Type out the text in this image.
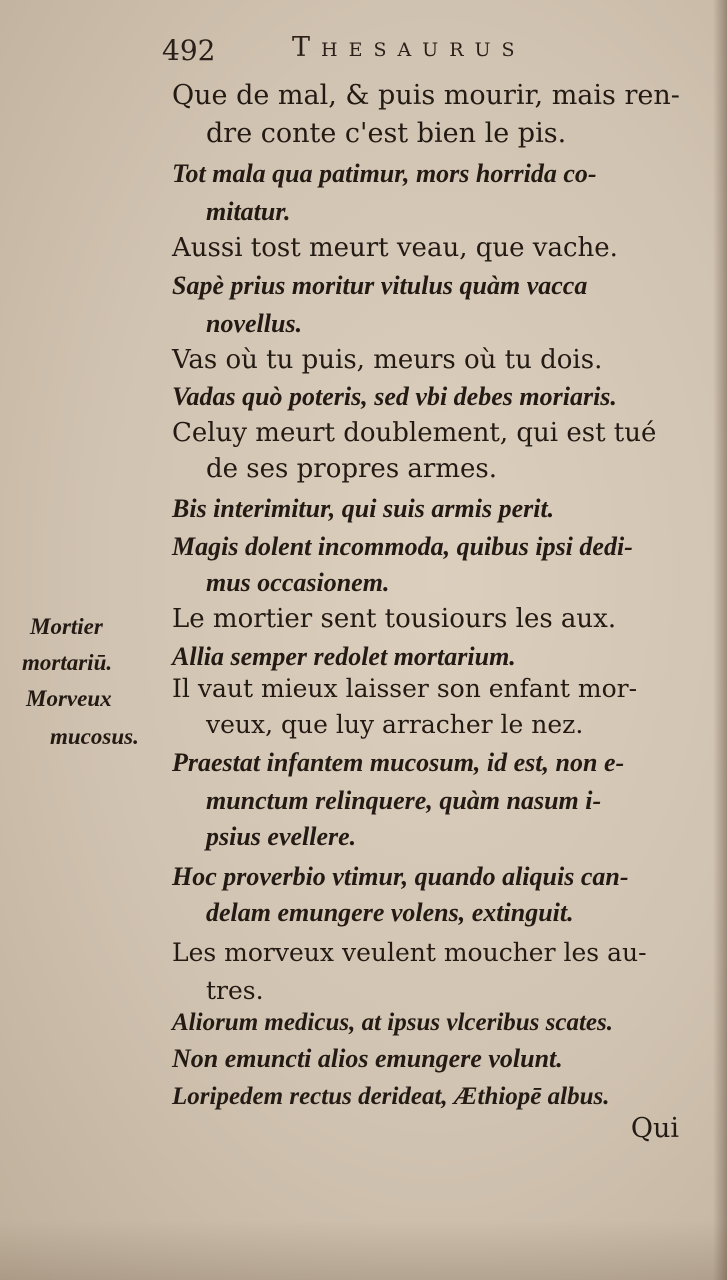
492	Thesaurus
Que de mal, & puis mourir, mais ren-
dre conte c'est bien le pis.
Tot mala qua patimur, mors horrida co-
mitatur.
Aussi tost meurt veau, que vache.
Sapè prius moritur vitulus quàm vacca
novellus.
Vas où tu puis, meurs où tu dois.
Vadas quò poteris, sed vbi debes moriaris.
Celuy meurt doublement, qui est tué
de ses propres armes.
Bis interimitur, qui suis armis perit.
Magis dolent incommoda, quibus ipsi dedi-
mus occasionem.
Le mortier sent tousiours les aux.
Allia semper redolet mortarium.
Il vaut mieux laisser son enfant mor-
veux, que luy arracher le nez.
Praestat infantem mucosum, id est, non e-
munctum relinquere, quàm nasum i-
psius evellere.
Hoc proverbio vtimur, quando aliquis can-
delam emungere volens, extinguit.
Les morveux veulent moucher les au-
tres.
Aliorum medicus, at ipsus vlceribus scates.
Non emuncti alios emungere volunt.
Loripedem rectus derideat, Æthiopē albus.
Mortier
mortariū.
Morveux
mucosus.
Qui
